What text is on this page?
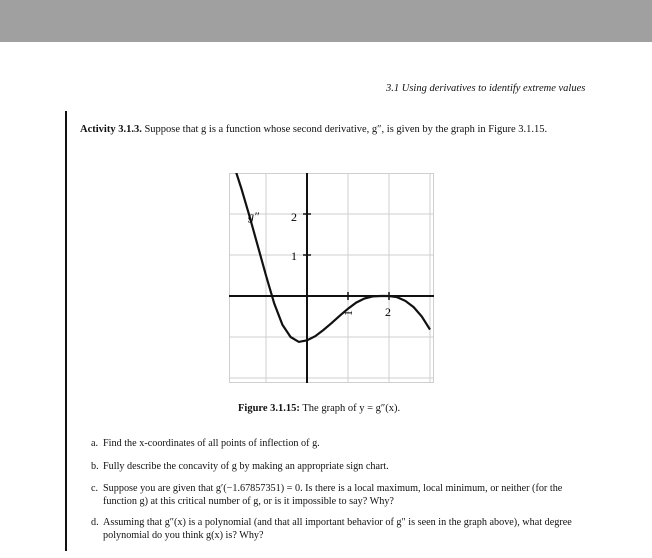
3.1 Using derivatives to identify extreme values
Activity 3.1.3. Suppose that g is a function whose second derivative, g″, is given by the graph in Figure 3.1.15.
2
1
1	2
g″
Figure 3.1.15: The graph of y = g″(x).
a. Find the x-coordinates of all points of inflection of g.
b. Fully describe the concavity of g by making an appropriate sign chart.
c. Suppose you are given that g′(−1.67857351) = 0. Is there is a local maximum, local minimum, or neither (for the function g) at this critical number of g, or is it impossible to say? Why?
d. Assuming that g″(x) is a polynomial (and that all important behavior of g″ is seen in the graph above), what degree polynomial do you think g(x) is? Why?
